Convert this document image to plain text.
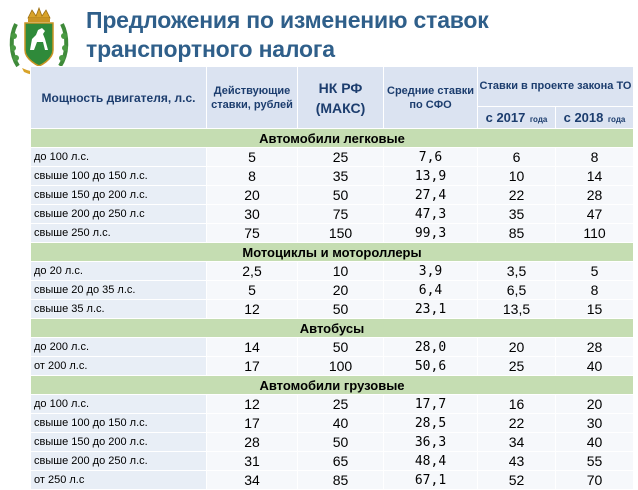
Предложения по изменению ставок
транспортного налога
Мощность двигателя, л.с.	Действующие ставки, рублей	НК РФ (МАКС)	Средние ставки по СФО	Ставки в проекте закона ТО	
				с 2017 года	с 2018 года
Автомобили легковые					
до 100 л.с.	5	25	7,6	6	8
свыше 100 до 150 л.с.	8	35	13,9	10	14
свыше 150 до 200 л.с.	20	50	27,4	22	28
свыше 200 до 250 л.с	30	75	47,3	35	47
свыше 250 л.с.	75	150	99,3	85	110
Мотоциклы и мотороллеры					
до 20 л.с.	2,5	10	3,9	3,5	5
свыше 20 до 35 л.с.	5	20	6,4	6,5	8
свыше 35 л.с.	12	50	23,1	13,5	15
Автобусы					
до 200 л.с.	14	50	28,0	20	28
от 200 л.с.	17	100	50,6	25	40
Автомобили грузовые					
до 100 л.с.	12	25	17,7	16	20
свыше 100 до 150 л.с.	17	40	28,5	22	30
свыше 150 до 200 л.с.	28	50	36,3	34	40
свыше 200 до 250 л.с.	31	65	48,4	43	55
от 250 л.с	34	85	67,1	52	70
